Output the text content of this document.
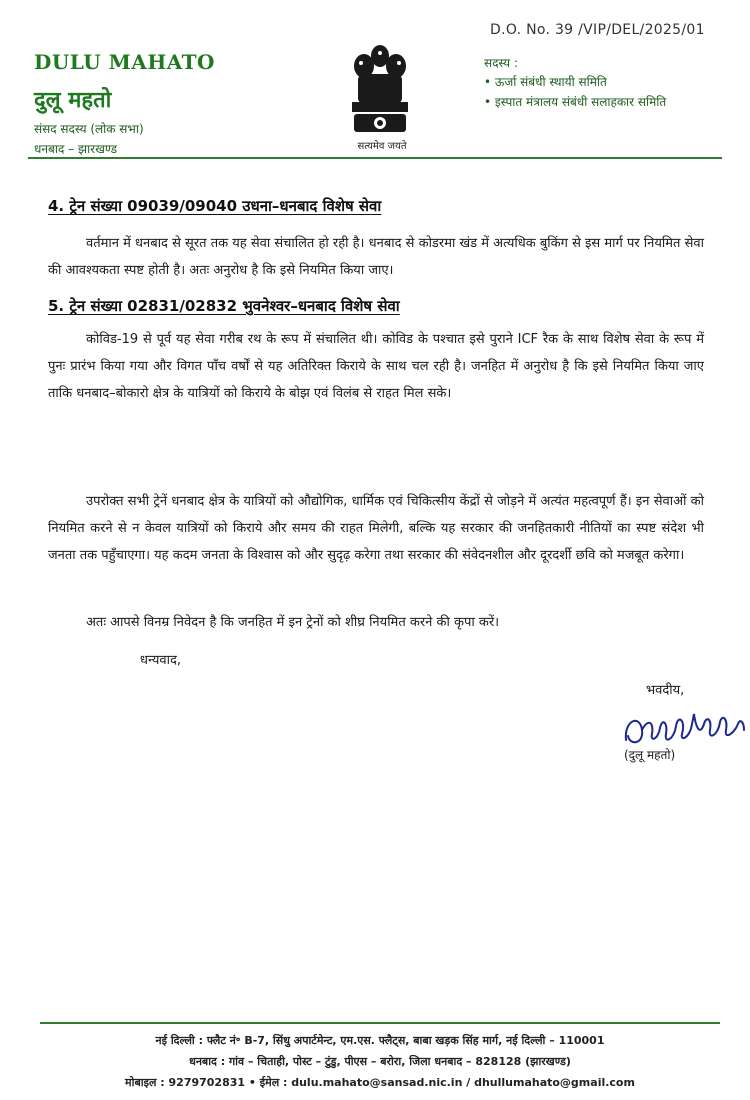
D.O. No. 39 /VIP/DEL/2025/01
DULU MAHATO
दुलू महतो
संसद सदस्य (लोक सभा)
धनबाद – झारखण्ड	सत्यमेव जयते
सदस्य :
• ऊर्जा संबंधी स्थायी समिति
• इस्पात मंत्रालय संबंधी सलाहकार समिति
4. ट्रेन संख्या 09039/09040 उधना–धनबाद विशेष सेवा
वर्तमान में धनबाद से सूरत तक यह सेवा संचालित हो रही है। धनबाद से कोडरमा खंड में अत्यधिक बुकिंग से इस मार्ग पर नियमित सेवा की आवश्यकता स्पष्ट होती है। अतः अनुरोध है कि इसे नियमित किया जाए।
5. ट्रेन संख्या 02831/02832 भुवनेश्वर–धनबाद विशेष सेवा
कोविड-19 से पूर्व यह सेवा गरीब रथ के रूप में संचालित थी। कोविड के पश्चात इसे पुराने ICF रैक के साथ विशेष सेवा के रूप में पुनः प्रारंभ किया गया और विगत पाँच वर्षों से यह अतिरिक्त किराये के साथ चल रही है। जनहित में अनुरोध है कि इसे नियमित किया जाए ताकि धनबाद–बोकारो क्षेत्र के यात्रियों को किराये के बोझ एवं विलंब से राहत मिल सके।
उपरोक्त सभी ट्रेनें धनबाद क्षेत्र के यात्रियों को औद्योगिक, धार्मिक एवं चिकित्सीय केंद्रों से जोड़ने में अत्यंत महत्वपूर्ण हैं। इन सेवाओं को नियमित करने से न केवल यात्रियों को किराये और समय की राहत मिलेगी, बल्कि यह सरकार की जनहितकारी नीतियों का स्पष्ट संदेश भी जनता तक पहुँचाएगा। यह कदम जनता के विश्वास को और सुदृढ़ करेगा तथा सरकार की संवेदनशील और दूरदर्शी छवि को मजबूत करेगा।
अतः आपसे विनम्र निवेदन है कि जनहित में इन ट्रेनों को शीघ्र नियमित करने की कृपा करें।
धन्यवाद,
भवदीय,
(दुलू महतो)
नई दिल्ली : फ्लैट नं॰ B-7, सिंधु अपार्टमेन्ट, एम.एस. फ्लैट्स, बाबा खड़क सिंह मार्ग, नई दिल्ली – 110001
धनबाद : गांव – चिताही, पोस्ट – टुंडु, पीएस – बरोरा, जिला धनबाद – 828128 (झारखण्ड)
मोबाइल : 9279702831 • ईमेल : dulu.mahato@sansad.nic.in / dhullumahato@gmail.com
